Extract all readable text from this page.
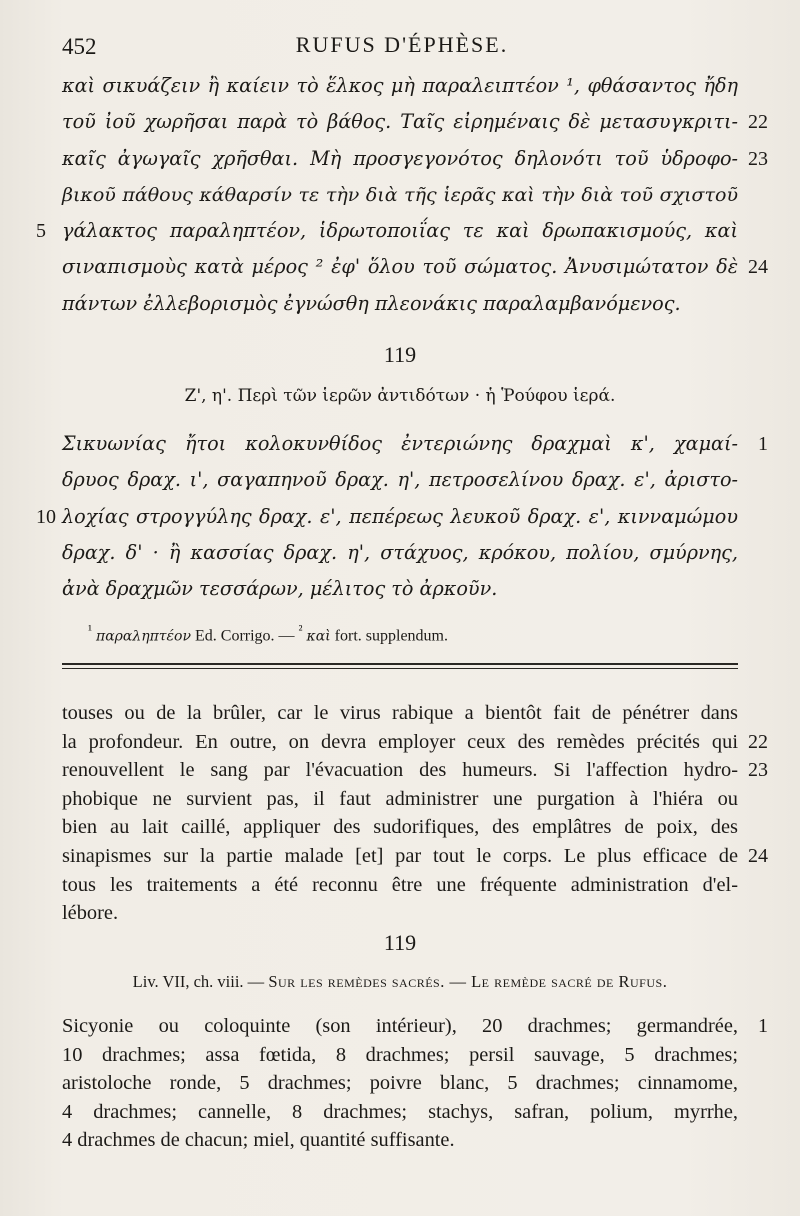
452	RUFUS D'ÉPHÈSE.
καὶ σικυάζειν ἢ καίειν τὸ ἕλκος μὴ παραλειπτέον ¹, φθάσαντος ἤδη
τοῦ ἰοῦ χωρῆσαι παρὰ τὸ βάθος. Ταῖς εἰρημέναις δὲ μετασυγκριτι- 22
καῖς ἀγωγαῖς χρῆσθαι. Μὴ προσγεγονότος δηλονότι τοῦ ὑδροφο- 23
βικοῦ πάθους κάθαρσίν τε τὴν διὰ τῆς ἱερᾶς καὶ τὴν διὰ τοῦ σχιστοῦ
5 γάλακτος παραληπτέον, ἱδρωτοποιΐας τε καὶ δρωπακισμούς, καὶ
σιναπισμοὺς κατὰ μέρος ² ἐφ' ὅλου τοῦ σώματος. Ἀνυσιμώτατον δὲ 24
πάντων ἐλλεβορισμὸς ἐγνώσθη πλεονάκις παραλαμβανόμενος.
119
Ζ', η'. Περὶ τῶν ἱερῶν ἀντιδότων · ἡ Ῥούφου ἱερά.
Σικυωνίας ἤτοι κολοκυνθίδος ἐντεριώνης δραχμαὶ κ', χαμαί- 1
δρυος δραχ. ι', σαγαπηνοῦ δραχ. η', πετροσελίνου δραχ. ε', ἀριστο-
10 λοχίας στρογγύλης δραχ. ε', πεπέρεως λευκοῦ δραχ. ε', κινναμώμου
δραχ. δ' · ἢ κασσίας δραχ. η', στάχυος, κρόκου, πολίου, σμύρνης,
ἀνὰ δραχμῶν τεσσάρων, μέλιτος τὸ ἀρκοῦν.
$^{^1}$ παραληπτέον Ed. Corrigo. — $^{^2}$ καὶ fort. supplendum.
touses ou de la brûler, car le virus rabique a bientôt fait de pénétrer dans
la profondeur. En outre, on devra employer ceux des remèdes précités qui 22
renouvellent le sang par l'évacuation des humeurs. Si l'affection hydro- 23
phobique ne survient pas, il faut administrer une purgation à l'hiéra ou
bien au lait caillé, appliquer des sudorifiques, des emplâtres de poix, des
sinapismes sur la partie malade [et] par tout le corps. Le plus efficace de 24
tous les traitements a été reconnu être une fréquente administration d'el-
lébore.
119
Liv. VII, ch. viii. — Sur les remèdes sacrés. — Le remède sacré de Rufus.
Sicyonie ou coloquinte (son intérieur), 20 drachmes; germandrée, 1
10 drachmes; assa fœtida, 8 drachmes; persil sauvage, 5 drachmes;
aristoloche ronde, 5 drachmes; poivre blanc, 5 drachmes; cinnamome,
4 drachmes; cannelle, 8 drachmes; stachys, safran, polium, myrrhe,
4 drachmes de chacun; miel, quantité suffisante.
